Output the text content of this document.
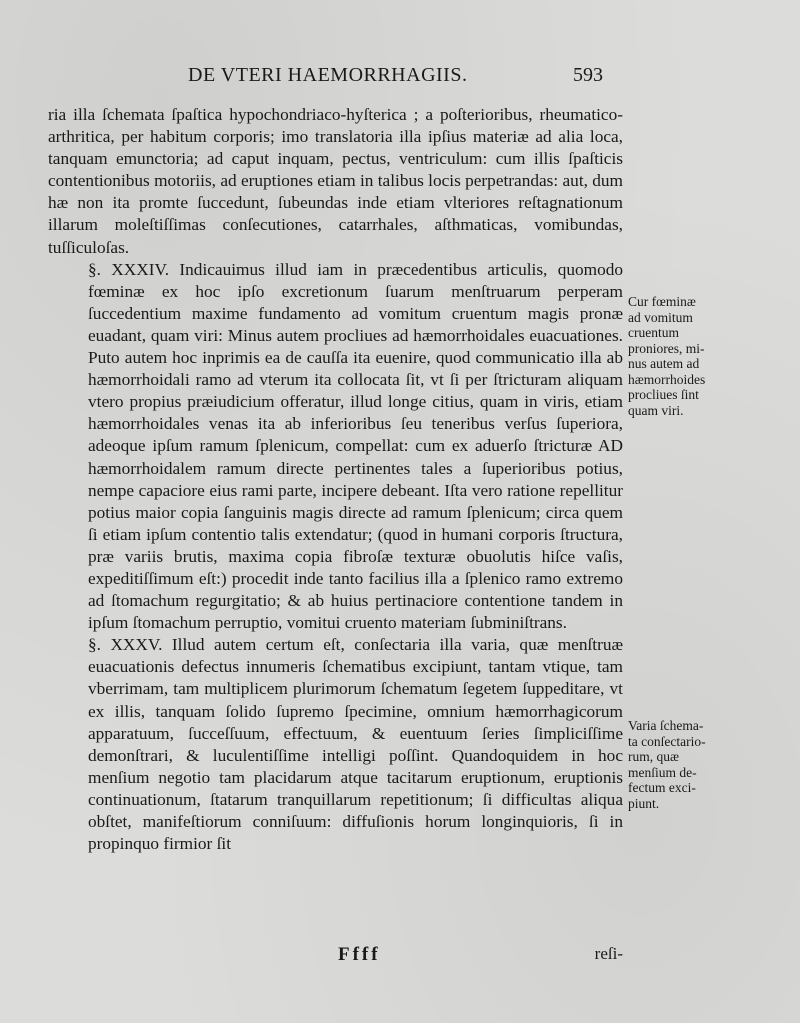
DE VTERI HAEMORRHAGIIS.	593

ria illa ſchemata ſpaſtica hypochondriaco-hyſterica ; a poſterioribus, rheumatico-arthritica, per habitum corporis; imo translatoria illa ipſius materiæ ad alia loca, tanquam emunctoria; ad caput inquam, pectus, ventriculum: cum illis ſpaſticis contentionibus motoriis, ad eruptiones etiam in talibus locis perpetrandas: aut, dum hæ non ita promte ſuccedunt, ſubeundas inde etiam vlteriores reſtagnationum illarum moleſtiſſimas conſecutiones, catarrhales, aſthmaticas, vomibundas, tuſſiculoſas.

§. XXXIV. Indicauimus illud iam in præcedentibus articulis, quomodo fœminæ ex hoc ipſo excretionum ſuarum menſtruarum perperam ſuccedentium maxime fundamento ad vomitum cruentum magis pronæ euadant, quam viri: Minus autem procliues ad hæmorrhoidales euacuationes. Puto autem hoc inprimis ea de cauſſa ita euenire, quod communicatio illa ab hæmorrhoidali ramo ad vterum ita collocata ſit, vt ſi per ſtricturam aliquam vtero propius præiudicium offeratur, illud longe citius, quam in viris, etiam hæmorrhoidales venas ita ab inferioribus ſeu teneribus verſus ſuperiora, adeoque ipſum ramum ſplenicum, compellat: cum ex aduerſo ſtricturæ AD hæmorrhoidalem ramum directe pertinentes tales a ſuperioribus potius, nempe capaciore eius rami parte, incipere debeant. Iſta vero ratione repellitur potius maior copia ſanguinis magis directe ad ramum ſplenicum; circa quem ſi etiam ipſum contentio talis extendatur; (quod in humani corporis ſtructura, præ variis brutis, maxima copia fibroſæ texturæ obuolutis hiſce vaſis, expeditiſſimum eſt:) procedit inde tanto facilius illa a ſplenico ramo extremo ad ſtomachum regurgitatio; & ab huius pertinaciore contentione tandem in ipſum ſtomachum perruptio, vomitui cruento materiam ſubminiſtrans.

§. XXXV. Illud autem certum eſt, conſectaria illa varia, quæ menſtruæ euacuationis defectus innumeris ſchematibus excipiunt, tantam vtique, tam vberrimam, tam multiplicem plurimorum ſchematum ſegetem ſuppeditare, vt ex illis, tanquam ſolido ſupremo ſpecimine, omnium hæmorrhagicorum apparatuum, ſucceſſuum, effectuum, & euentuum ſeries ſimpliciſſime demonſtrari, & luculentiſſime intelligi poſſint. Quandoquidem in hoc menſium negotio tam placidarum atque tacitarum eruptionum, eruptionis continuationum, ſtatarum tranquillarum repetitionum; ſi difficultas aliqua obſtet, manifeſtiorum conniſuum: diffuſionis horum longinquioris, ſi in propinquo firmior ſit

Cur fœminæ
ad vomitum
cruentum
proniores, mi-
nus autem ad
hæmorrhoides
procliues ſint
quam viri.
Varia ſchema-
ta conſectario-
rum, quæ
menſium de-
fectum exci-
piunt.
Ffff	reſi-
